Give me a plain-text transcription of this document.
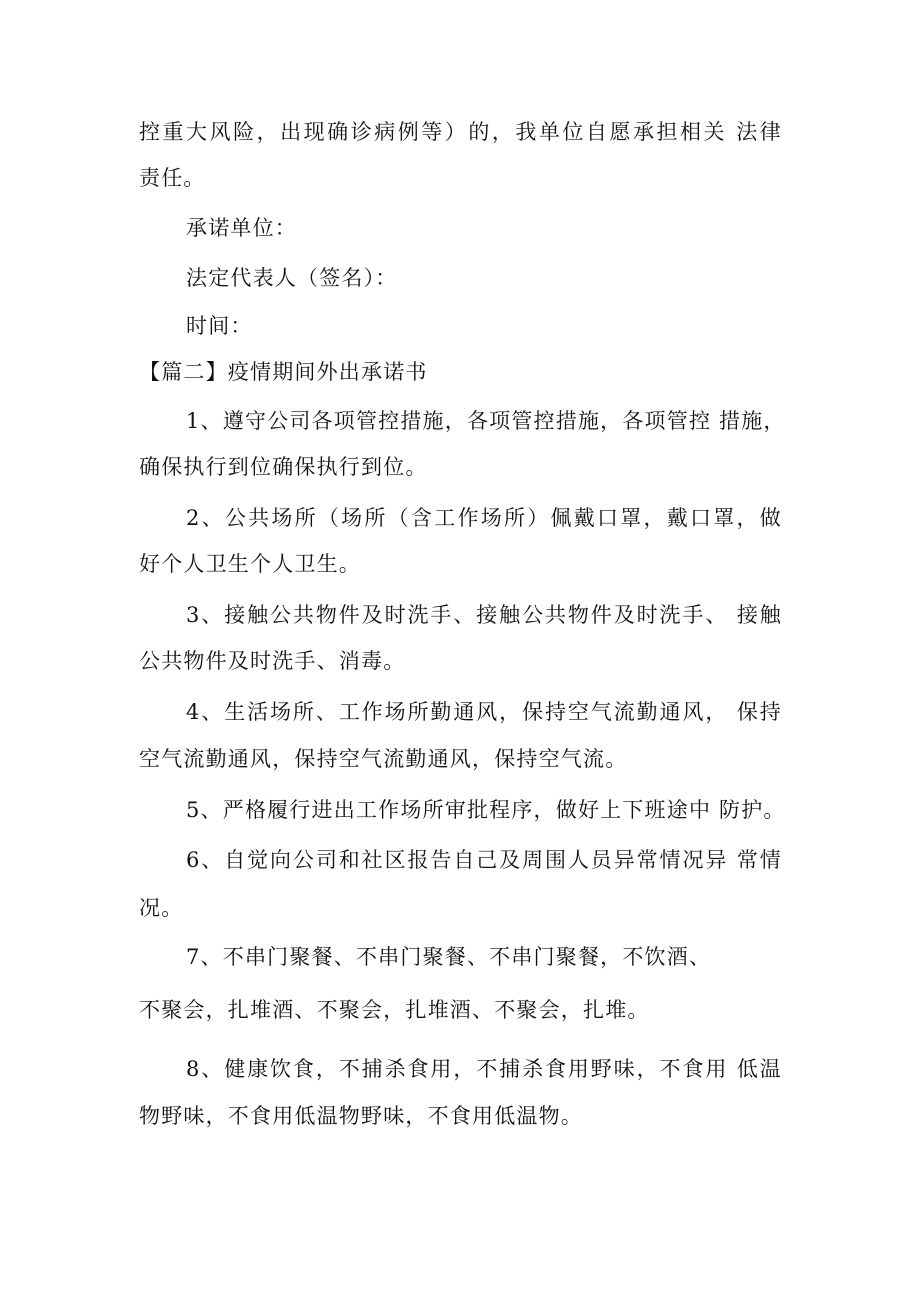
控重大风险，出现确诊病例等）的，我单位自愿承担相关 法律
责任。
承诺单位：
法定代表人（签名）：
时间：
【篇二】疫情期间外出承诺书
1、遵守公司各项管控措施，各项管控措施，各项管控 措施，
确保执行到位确保执行到位。
2、公共场所（场所（含工作场所）佩戴口罩，戴口罩，做
好个人卫生个人卫生。
3、接触公共物件及时洗手、接触公共物件及时洗手、 接触
公共物件及时洗手、消毒。
4、生活场所、工作场所勤通风，保持空气流勤通风， 保持
空气流勤通风，保持空气流勤通风，保持空气流。
5、严格履行进出工作场所审批程序，做好上下班途中 防护。
6、自觉向公司和社区报告自己及周围人员异常情况异 常情
况。
7、不串门聚餐、不串门聚餐、不串门聚餐，不饮酒、
不聚会，扎堆酒、不聚会，扎堆酒、不聚会，扎堆。
8、健康饮食，不捕杀食用，不捕杀食用野味，不食用 低温
物野味，不食用低温物野味，不食用低温物。
